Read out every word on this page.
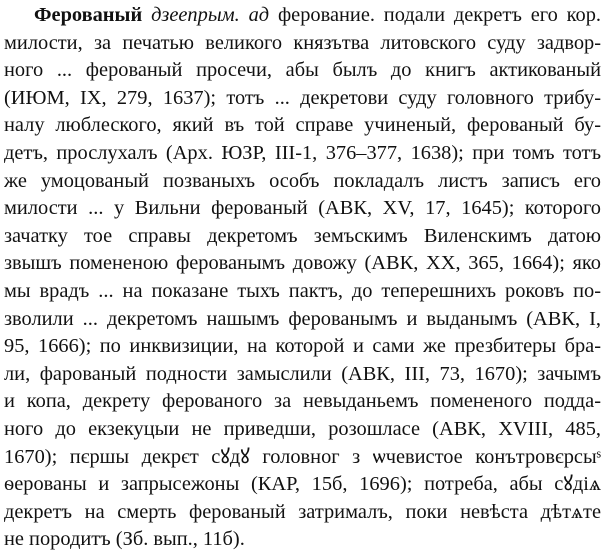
Ферованый дзеепрым. ад ферование. подали декретъ его кор.
милости, за печатью великого князътва литовского суду задвор-
ного ... ферованый просечи, абы былъ до книгъ актикованый
(ИЮМ, IX, 279, 1637); тотъ ... декретови суду головного трибу-
налу люблеского, який въ той справе учиненый, ферованый бу-
детъ, прослухалъ (Арх. ЮЗР, III-1, 376–377, 1638); при томъ тотъ
же умоцованый позваныхъ особъ покладалъ листъ записъ его
милости ... у Вильни ферованый (АВК, XV, 17, 1645); которого
зачатку тое справы декретомъ земъскимъ Виленскимъ датою
звышъ помененою ферованымъ довожу (АВК, XX, 365, 1664); яко
мы врадъ ... на показане тыхъ пактъ, до теперешнихъ роковъ по-
зволили ... декретомъ нашымъ ферованымъ и выданымъ (АВК, І,
95, 1666); по инквизиции, на которой и сами же презбитеры бра-
ли, фарованый подности замыслили (АВК, III, 73, 1670); зачымъ
и копа, декрету ферованого за невыданьемъ помененого подда-
ного до екзекуцыи не приведши, розошласе (АВК, XVIII, 485,
1670); пєршы декрєт сꙋдꙋ головног з ѡчевистое конътровєрсыˢ
ѳерованы и запрысежоны (КАР, 15б, 1696); потреба, абы сꙋдіѧ
декретъ на смерть ферованый затрималъ, поки невѣста дѣтѧте
не породитъ (Зб. вып., 11б).
